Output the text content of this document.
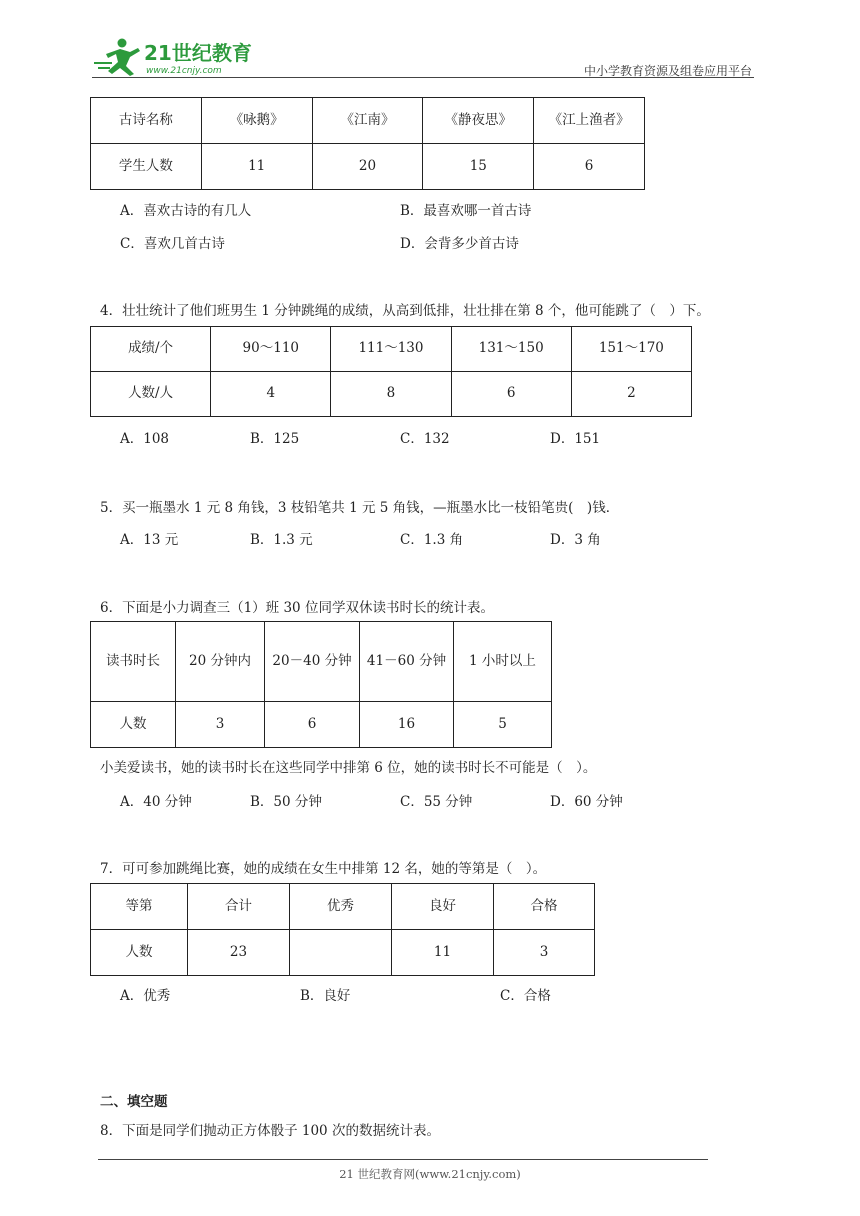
21世纪教育
www.21cnjy.com	中小学教育资源及组卷应用平台
古诗名称	《咏鹅》	《江南》	《静夜思》	《江上渔者》
学生人数	11	20	15	6
A．喜欢古诗的有几人	B．最喜欢哪一首古诗
C．喜欢几首古诗	D．会背多少首古诗
4．壮壮统计了他们班男生 1 分钟跳绳的成绩，从高到低排，壮壮排在第 8 个，他可能跳了（　）下。
成绩/个	90～110	111～130	131～150	151～170
人数/人	4	8	6	2
A．108	B．125	C．132	D．151
5．买一瓶墨水 1 元 8 角钱，3 枝铅笔共 1 元 5 角钱，—瓶墨水比一枝铅笔贵(　)钱．
A．13 元	B．1.3 元	C．1.3 角	D．3 角
6．下面是小力调查三（1）班 30 位同学双休读书时长的统计表。
读书时长	20 分钟内	20－40 分钟	41－60 分钟	1 小时以上
人数	3	6	16	5
小美爱读书，她的读书时长在这些同学中排第 6 位，她的读书时长不可能是（　）。
A．40 分钟	B．50 分钟	C．55 分钟	D．60 分钟
7．可可参加跳绳比赛，她的成绩在女生中排第 12 名，她的等第是（　）。
等第	合计	优秀	良好	合格
人数	23		11	3
A．优秀	B．良好	C．合格
二、填空题
8．下面是同学们抛动正方体骰子 100 次的数据统计表。
21 世纪教育网(www.21cnjy.com)
